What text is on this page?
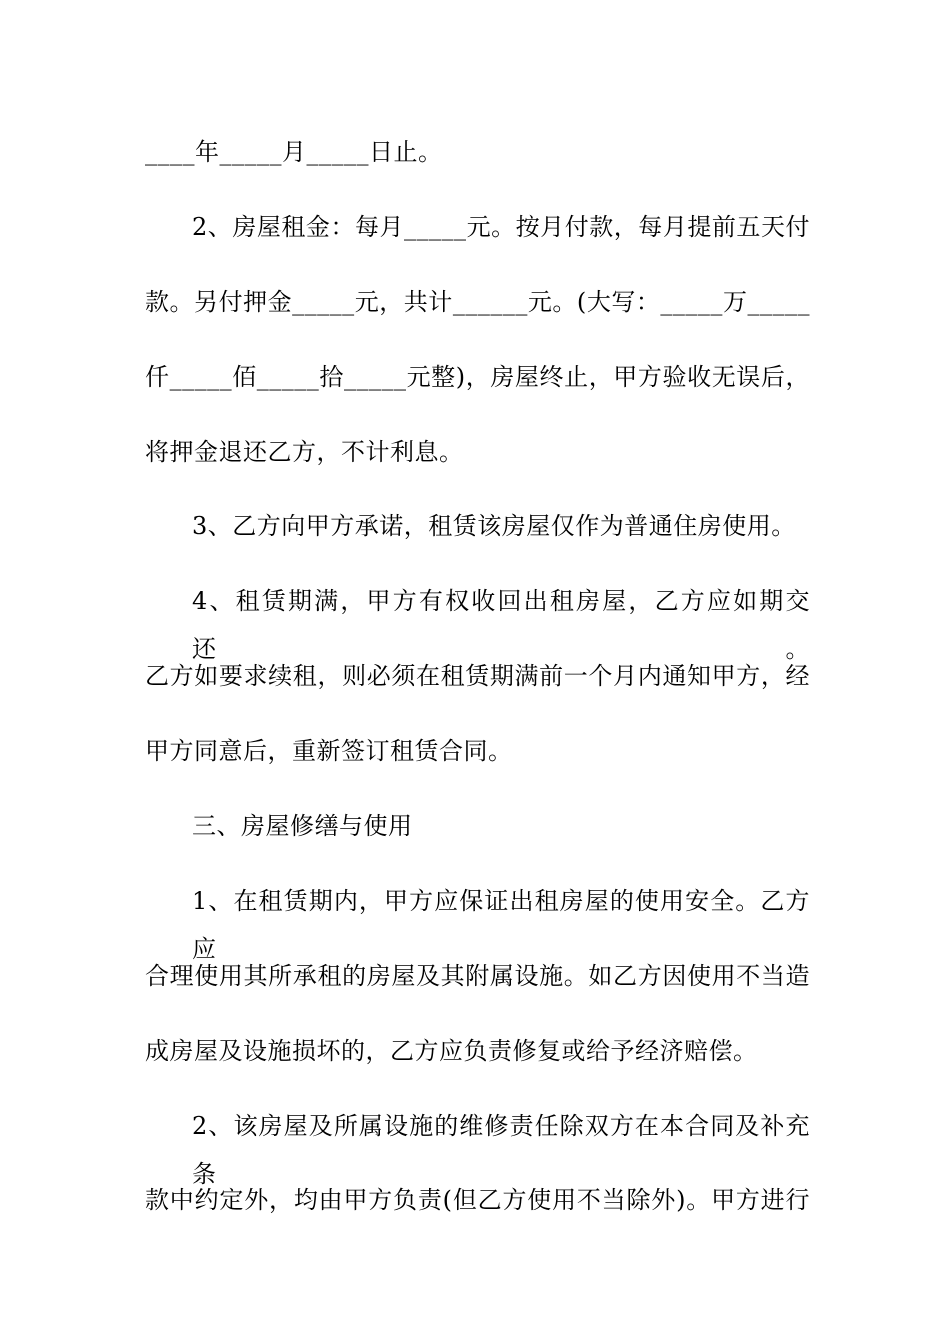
____年_____月_____日止。
2、房屋租金：每月_____元。按月付款，每月提前五天付
款。另付押金_____元，共计______元。(大写：_____万_____
仟_____佰_____拾_____元整)，房屋终止，甲方验收无误后，
将押金退还乙方，不计利息。
3、乙方向甲方承诺，租赁该房屋仅作为普通住房使用。
4、租赁期满，甲方有权收回出租房屋，乙方应如期交还。
乙方如要求续租，则必须在租赁期满前一个月内通知甲方，经
甲方同意后，重新签订租赁合同。
三、房屋修缮与使用
1、在租赁期内，甲方应保证出租房屋的使用安全。乙方应
合理使用其所承租的房屋及其附属设施。如乙方因使用不当造
成房屋及设施损坏的，乙方应负责修复或给予经济赔偿。
2、该房屋及所属设施的维修责任除双方在本合同及补充条
款中约定外，均由甲方负责(但乙方使用不当除外)。甲方进行
